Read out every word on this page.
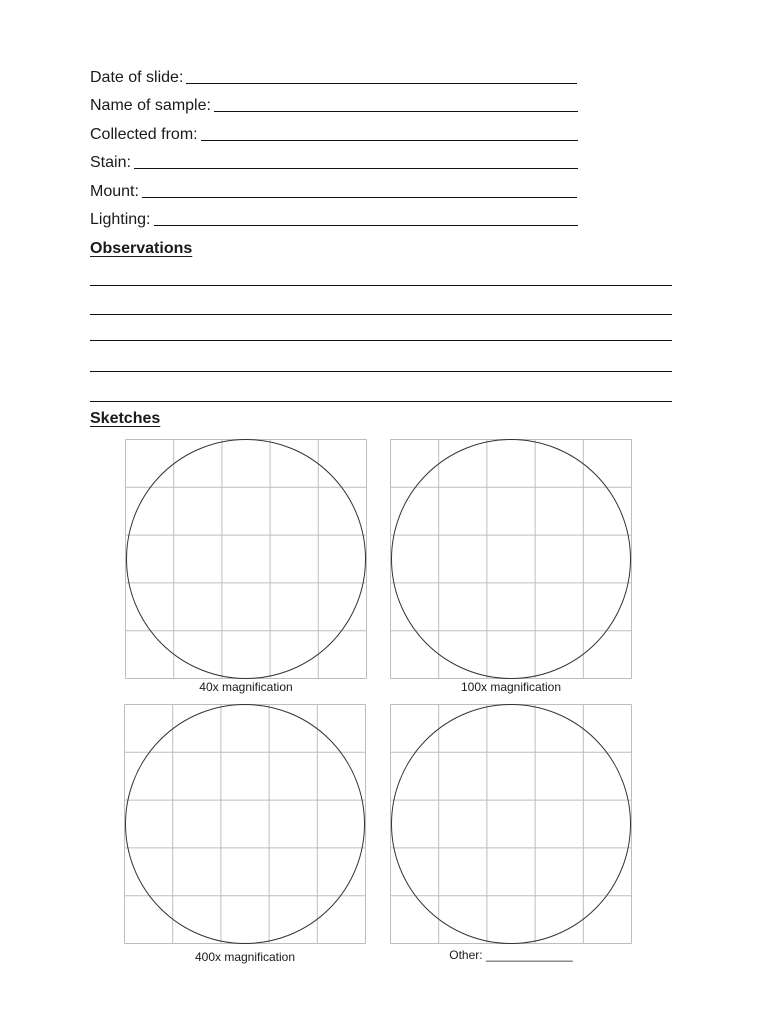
Date of slide:
Name of sample:
Collected from:
Stain:
Mount:
Lighting:
Observations
Sketches
40x magnification	100x magnification
400x magnification	Other: _____________
